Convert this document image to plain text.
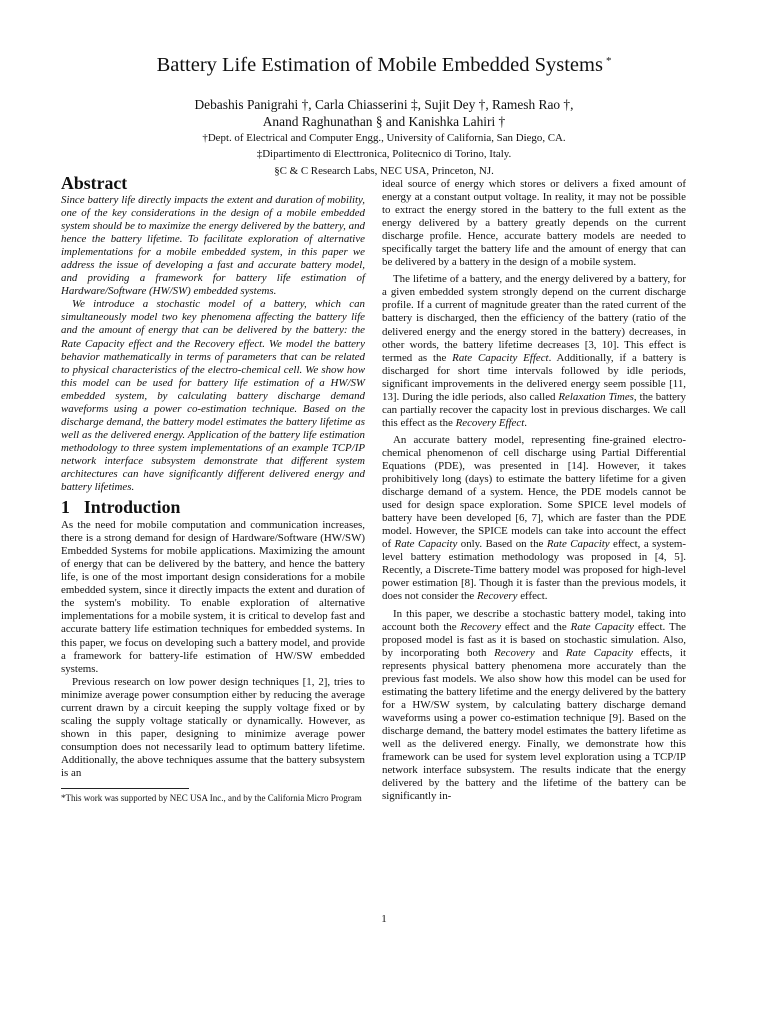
Battery Life Estimation of Mobile Embedded Systems *
Debashis Panigrahi †, Carla Chiasserini ‡, Sujit Dey †, Ramesh Rao †,
Anand Raghunathan § and Kanishka Lahiri †
†Dept. of Electrical and Computer Engg., University of California, San Diego, CA.
‡Dipartimento di Electtronica, Politecnico di Torino, Italy.
§C & C Research Labs, NEC USA, Princeton, NJ.
Abstract

Since battery life directly impacts the extent and duration of mobility, one of the key considerations in the design of a mobile embedded system should be to maximize the energy delivered by the battery, and hence the battery lifetime. To facilitate exploration of alternative implementations for a mobile embedded system, in this paper we address the issue of developing a fast and accurate battery model, and providing a framework for battery life estimation of Hardware/Software (HW/SW) embedded systems.

We introduce a stochastic model of a battery, which can simultaneously model two key phenomena affecting the battery life and the amount of energy that can be delivered by the battery: the Rate Capacity effect and the Recovery effect. We model the battery behavior mathematically in terms of parameters that can be related to physical characteristics of the electro-chemical cell. We show how this model can be used for battery life estimation of a HW/SW embedded system, by calculating battery discharge demand waveforms using a power co-estimation technique. Based on the discharge demand, the battery model estimates the battery lifetime as well as the delivered energy. Application of the battery life estimation methodology to three system implementations of an example TCP/IP network interface subsystem demonstrate that different system architectures can have significantly different delivered energy and battery lifetimes.

1 Introduction

As the need for mobile computation and communication increases, there is a strong demand for design of Hardware/Software (HW/SW) Embedded Systems for mobile applications. Maximizing the amount of energy that can be delivered by the battery, and hence the battery life, is one of the most important design considerations for a mobile embedded system, since it directly impacts the extent and duration of the system's mobility. To enable exploration of alternative implementations for a mobile system, it is critical to develop fast and accurate battery life estimation techniques for embedded systems. In this paper, we focus on developing such a battery model, and provide a framework for battery-life estimation of HW/SW embedded systems.

Previous research on low power design techniques [1, 2], tries to minimize average power consumption either by reducing the average current drawn by a circuit keeping the supply voltage fixed or by scaling the supply voltage statically or dynamically. However, as shown in this paper, designing to minimize average power consumption does not necessarily lead to optimum battery lifetime. Additionally, the above techniques assume that the battery subsystem is an

*This work was supported by NEC USA Inc., and by the California Micro Program

ideal source of energy which stores or delivers a fixed amount of energy at a constant output voltage. In reality, it may not be possible to extract the energy stored in the battery to the full extent as the energy delivered by a battery greatly depends on the current discharge profile. Hence, accurate battery models are needed to specifically target the battery life and the amount of energy that can be delivered by a battery in the design of a mobile system.

The lifetime of a battery, and the energy delivered by a battery, for a given embedded system strongly depend on the current discharge profile. If a current of magnitude greater than the rated current of the battery is discharged, then the efficiency of the battery (ratio of the delivered energy and the energy stored in the battery) decreases, in other words, the battery lifetime decreases [3, 10]. This effect is termed as the Rate Capacity Effect. Additionally, if a battery is discharged for short time intervals followed by idle periods, significant improvements in the delivered energy seem possible [11, 13]. During the idle periods, also called Relaxation Times, the battery can partially recover the capacity lost in previous discharges. We call this effect as the Recovery Effect.

An accurate battery model, representing fine-grained electro-chemical phenomenon of cell discharge using Partial Differential Equations (PDE), was presented in [14]. However, it takes prohibitively long (days) to estimate the battery lifetime for a given discharge demand of a system. Hence, the PDE models cannot be used for design space exploration. Some SPICE level models of battery have been developed [6, 7], which are faster than the PDE model. However, the SPICE models can take into account the effect of Rate Capacity only. Based on the Rate Capacity effect, a system-level battery estimation methodology was proposed in [4, 5]. Recently, a Discrete-Time battery model was proposed for high-level power estimation [8]. Though it is faster than the previous models, it does not consider the Recovery effect.

In this paper, we describe a stochastic battery model, taking into account both the Recovery effect and the Rate Capacity effect. The proposed model is fast as it is based on stochastic simulation. Also, by incorporating both Recovery and Rate Capacity effects, it represents physical battery phenomena more accurately than the previous fast models. We also show how this model can be used for estimating the battery lifetime and the energy delivered by the battery for a HW/SW system, by calculating battery discharge demand waveforms using a power co-estimation technique [9]. Based on the discharge demand, the battery model estimates the battery lifetime as well as the delivered energy. Finally, we demonstrate how this framework can be used for system level exploration using a TCP/IP network interface subsystem. The results indicate that the energy delivered by the battery and the lifetime of the battery can be significantly in-

1
